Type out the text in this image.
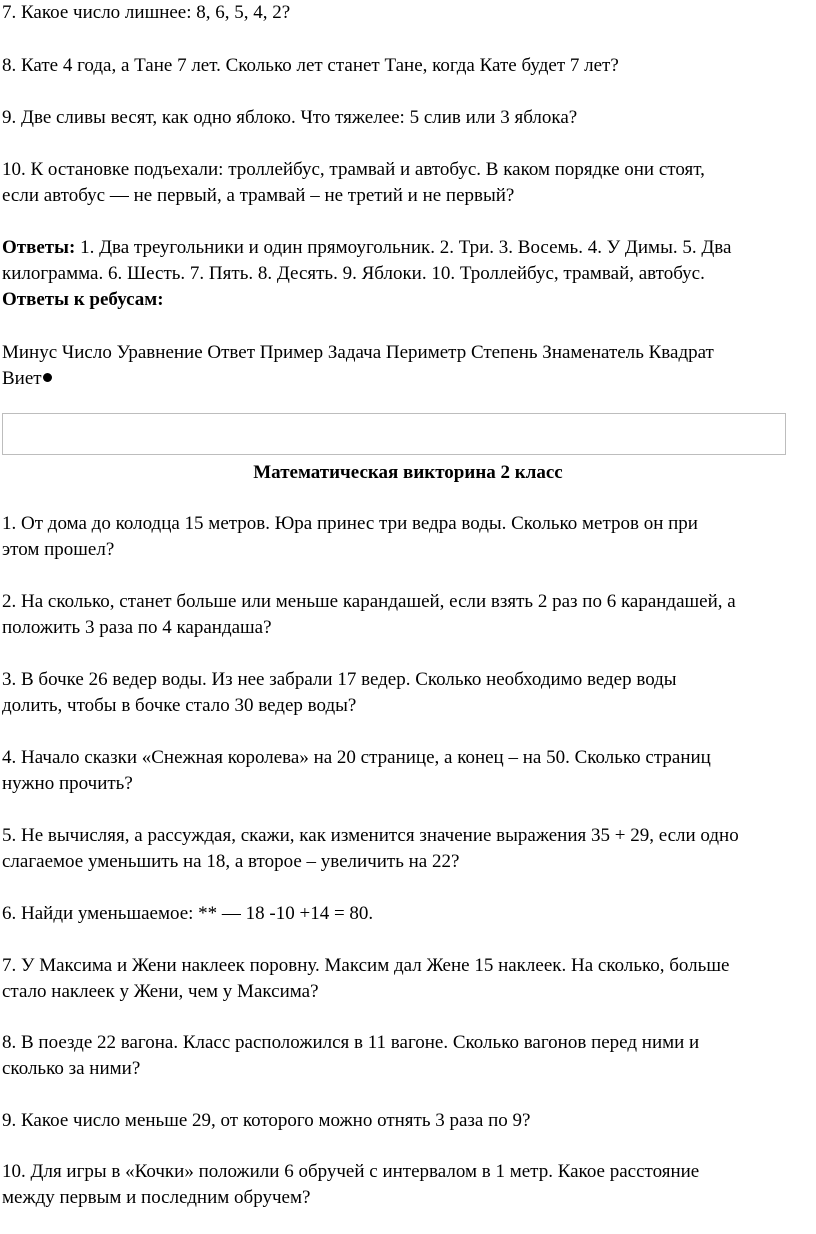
7. Какое число лишнее: 8, 6, 5, 4, 2?

8. Кате 4 года, а Тане 7 лет. Сколько лет станет Тане, когда Кате будет 7 лет?

9. Две сливы весят, как одно яблоко. Что тяжелее: 5 слив или 3 яблока?

10. К остановке подъехали: троллейбус, трамвай и автобус. В каком порядке они стоят,
если автобус — не первый, а трамвай – не третий и не первый?
Ответы: 1. Два треугольники и один прямоугольник. 2. Три. 3. Восемь. 4. У Димы. 5. Два
килограмма. 6. Шесть. 7. Пять. 8. Десять. 9. Яблоки. 10. Троллейбус, трамвай, автобус.
Ответы к ребусам:
Минус Число Уравнение Ответ Пример Задача Периметр Степень Знаменатель Квадрат
Виет

Математическая викторина 2 класс

1. От дома до колодца 15 метров. Юра принес три ведра воды. Сколько метров он при
этом прошел?
2. На сколько, станет больше или меньше карандашей, если взять 2 раз по 6 карандашей, а
положить 3 раза по 4 карандаша?
3. В бочке 26 ведер воды. Из нее забрали 17 ведер. Сколько необходимо ведер воды
долить, чтобы в бочке стало 30 ведер воды?
4. Начало сказки «Снежная королева» на 20 странице, а конец – на 50. Сколько страниц
нужно прочить?
5. Не вычисляя, а рассуждая, скажи, как изменится значение выражения 35 + 29, если одно
слагаемое уменьшить на 18, а второе – увеличить на 22?

6. Найди уменьшаемое: ** — 18 -10 +14 = 80.

7. У Максима и Жени наклеек поровну. Максим дал Жене 15 наклеек. На сколько, больше
стало наклеек у Жени, чем у Максима?
8. В поезде 22 вагона. Класс расположился в 11 вагоне. Сколько вагонов перед ними и
сколько за ними?

9. Какое число меньше 29, от которого можно отнять 3 раза по 9?

10. Для игры в «Кочки» положили 6 обручей с интервалом в 1 метр. Какое расстояние
между первым и последним обручем?
